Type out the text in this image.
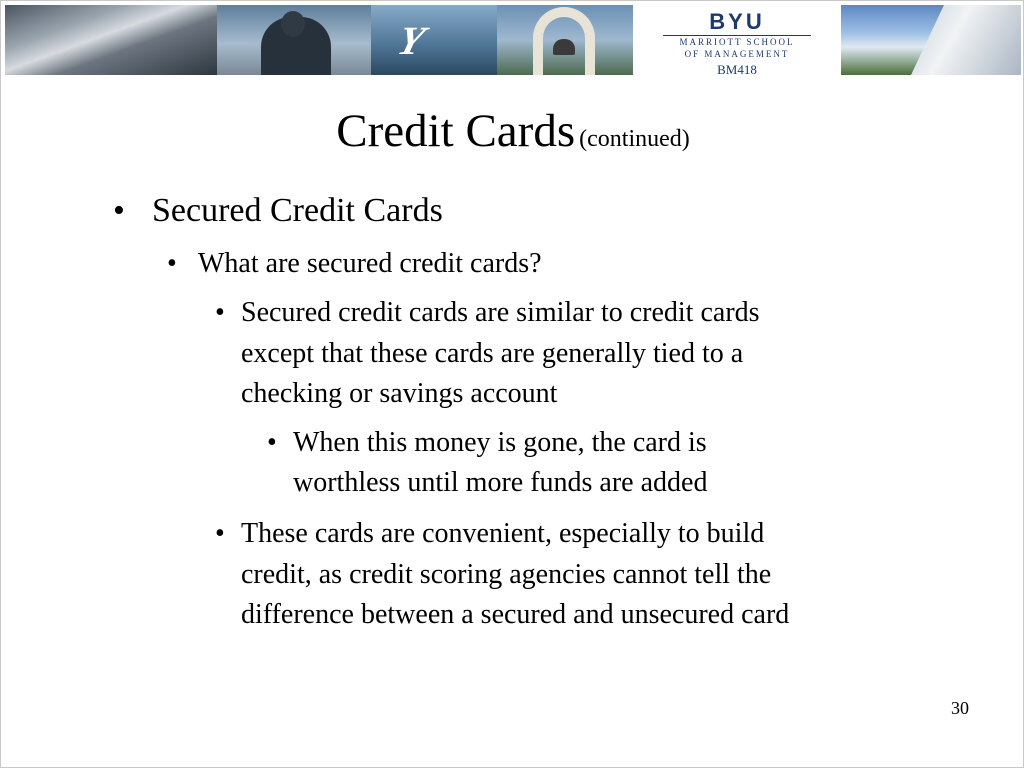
Y	BYU
MARRIOTT SCHOOL
OF MANAGEMENT
BM418
Credit Cards (continued)
• Secured Credit Cards
• What are secured credit cards?
• Secured credit cards are similar to credit cards
except that these cards are generally tied to a
checking or savings account
• When this money is gone, the card is
worthless until more funds are added
• These cards are convenient, especially to build
credit, as credit scoring agencies cannot tell the
difference between a secured and unsecured card
30
